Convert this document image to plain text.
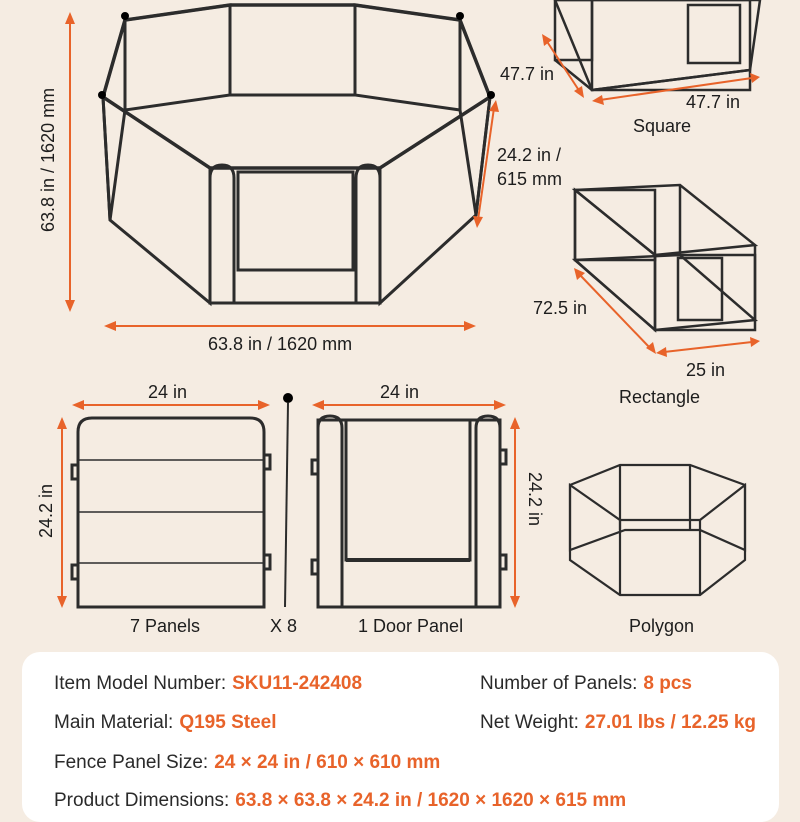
63.8 in / 1620 mm
63.8 in / 1620 mm
24.2 in /
615 mm
47.7 in
47.7 in
Square
72.5 in
25 in
Rectangle
24 in
24.2 in
24 in
24.2 in
7 Panels	X 8	1 Door Panel	Polygon
Item Model Number: SKU11-242408	Number of Panels: 8 pcs
Main Material: Q195 Steel	Net Weight: 27.01 lbs / 12.25 kg
Fence Panel Size: 24 × 24 in / 610 × 610 mm
Product Dimensions: 63.8 × 63.8 × 24.2 in / 1620 × 1620 × 615 mm
